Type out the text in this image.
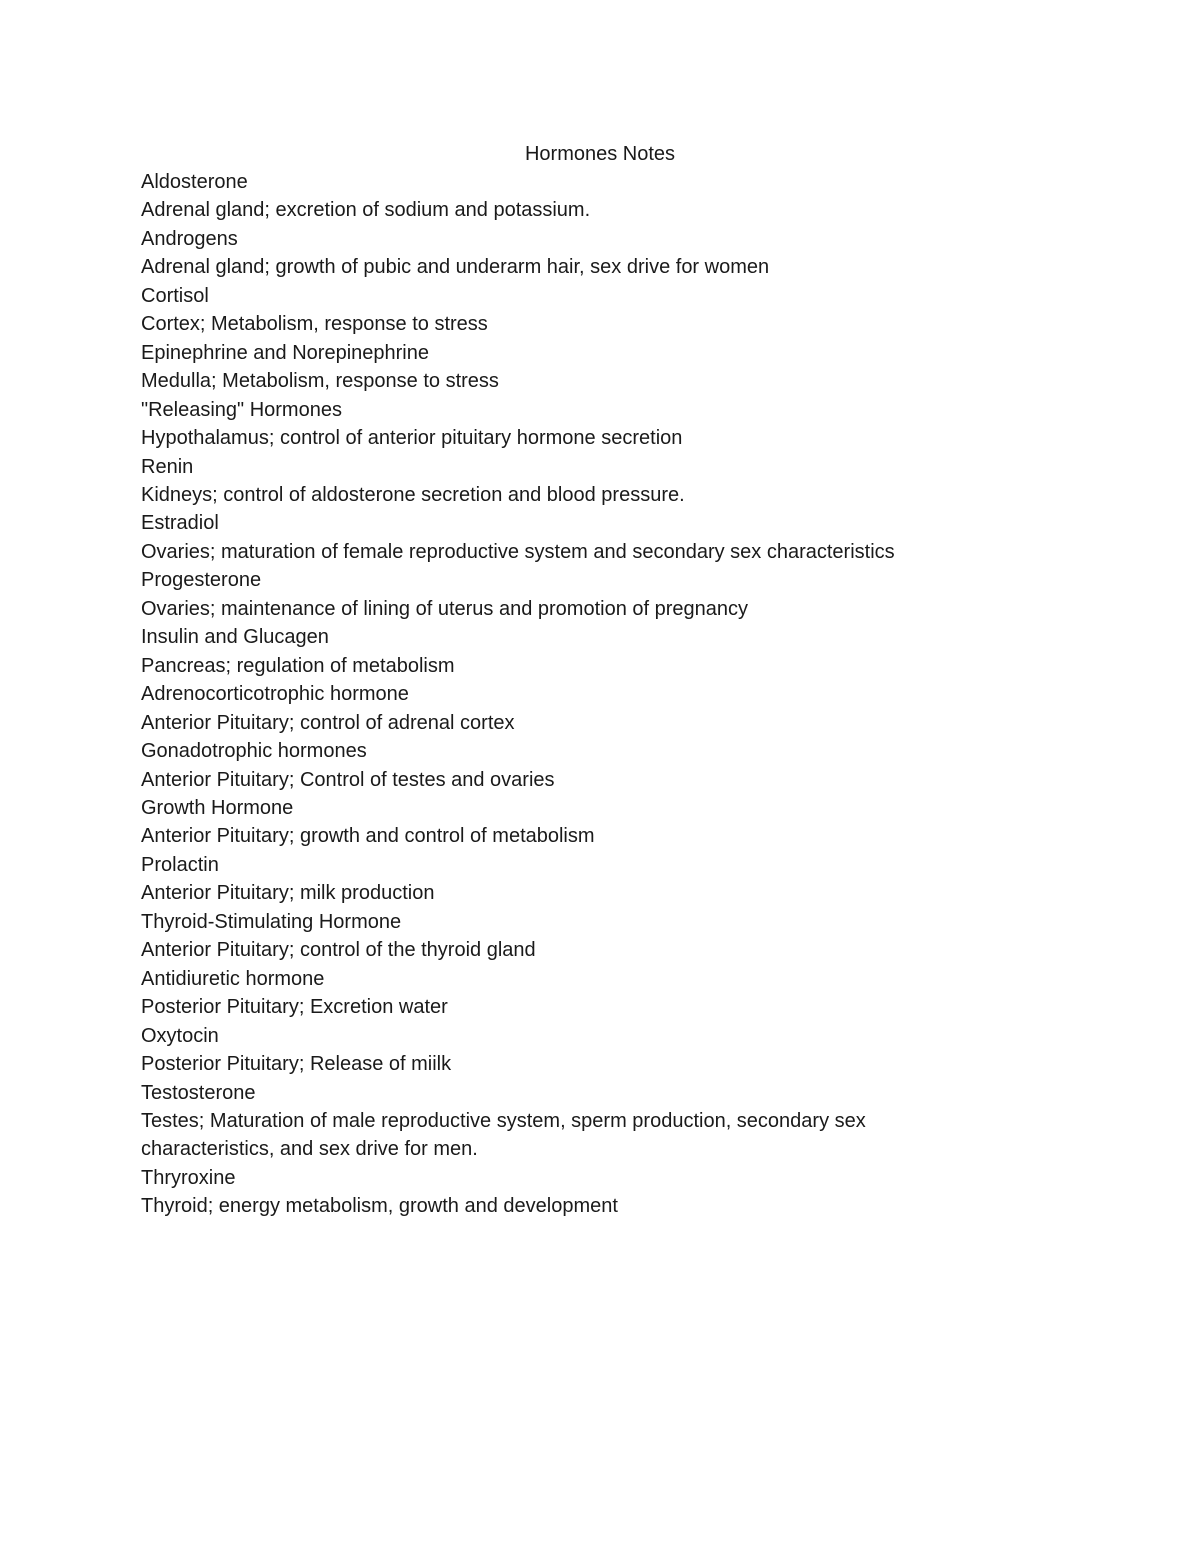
Hormones Notes
Aldosterone
Adrenal gland; excretion of sodium and potassium.
Androgens
Adrenal gland; growth of pubic and underarm hair, sex drive for women
Cortisol
Cortex; Metabolism, response to stress
Epinephrine and Norepinephrine
Medulla; Metabolism, response to stress
"Releasing" Hormones
Hypothalamus; control of anterior pituitary hormone secretion
Renin
Kidneys; control of aldosterone secretion and blood pressure.
Estradiol
Ovaries; maturation of female reproductive system and secondary sex characteristics
Progesterone
Ovaries; maintenance of lining of uterus and promotion of pregnancy
Insulin and Glucagen
Pancreas; regulation of metabolism
Adrenocorticotrophic hormone
Anterior Pituitary; control of adrenal cortex
Gonadotrophic hormones
Anterior Pituitary; Control of testes and ovaries
Growth Hormone
Anterior Pituitary; growth and control of metabolism
Prolactin
Anterior Pituitary; milk production
Thyroid-Stimulating Hormone
Anterior Pituitary; control of the thyroid gland
Antidiuretic hormone
Posterior Pituitary; Excretion water
Oxytocin
Posterior Pituitary; Release of miilk
Testosterone
Testes; Maturation of male reproductive system, sperm production, secondary sex characteristics, and sex drive for men.
Thryroxine
Thyroid; energy metabolism, growth and development
